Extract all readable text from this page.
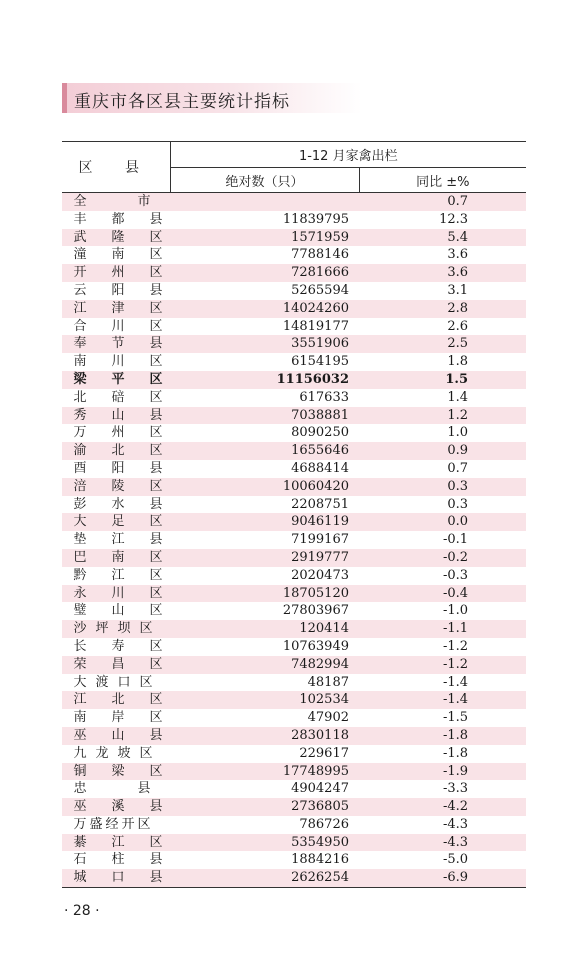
重庆市各区县主要统计指标
区 县	1-12 月家禽出栏	
	绝对数（只）	同比 ±%
全 市		0.7
丰 都 县	11839795	12.3
武 隆 区	1571959	5.4
潼 南 区	7788146	3.6
开 州 区	7281666	3.6
云 阳 县	5265594	3.1
江 津 区	14024260	2.8
合 川 区	14819177	2.6
奉 节 县	3551906	2.5
南 川 区	6154195	1.8
梁 平 区	11156032	1.5
北 碚 区	617633	1.4
秀 山 县	7038881	1.2
万 州 区	8090250	1.0
渝 北 区	1655646	0.9
酉 阳 县	4688414	0.7
涪 陵 区	10060420	0.3
彭 水 县	2208751	0.3
大 足 区	9046119	0.0
垫 江 县	7199167	-0.1
巴 南 区	2919777	-0.2
黔 江 区	2020473	-0.3
永 川 区	18705120	-0.4
璧 山 区	27803967	-1.0
沙 坪 坝 区	120414	-1.1
长 寿 区	10763949	-1.2
荣 昌 区	7482994	-1.2
大 渡 口 区	48187	-1.4
江 北 区	102534	-1.4
南 岸 区	47902	-1.5
巫 山 县	2830118	-1.8
九 龙 坡 区	229617	-1.8
铜 梁 区	17748995	-1.9
忠 县	4904247	-3.3
巫 溪 县	2736805	-4.2
万 盛 经 开 区	786726	-4.3
綦 江 区	5354950	-4.3
石 柱 县	1884216	-5.0
城 口 县	2626254	-6.9
· 28 ·
